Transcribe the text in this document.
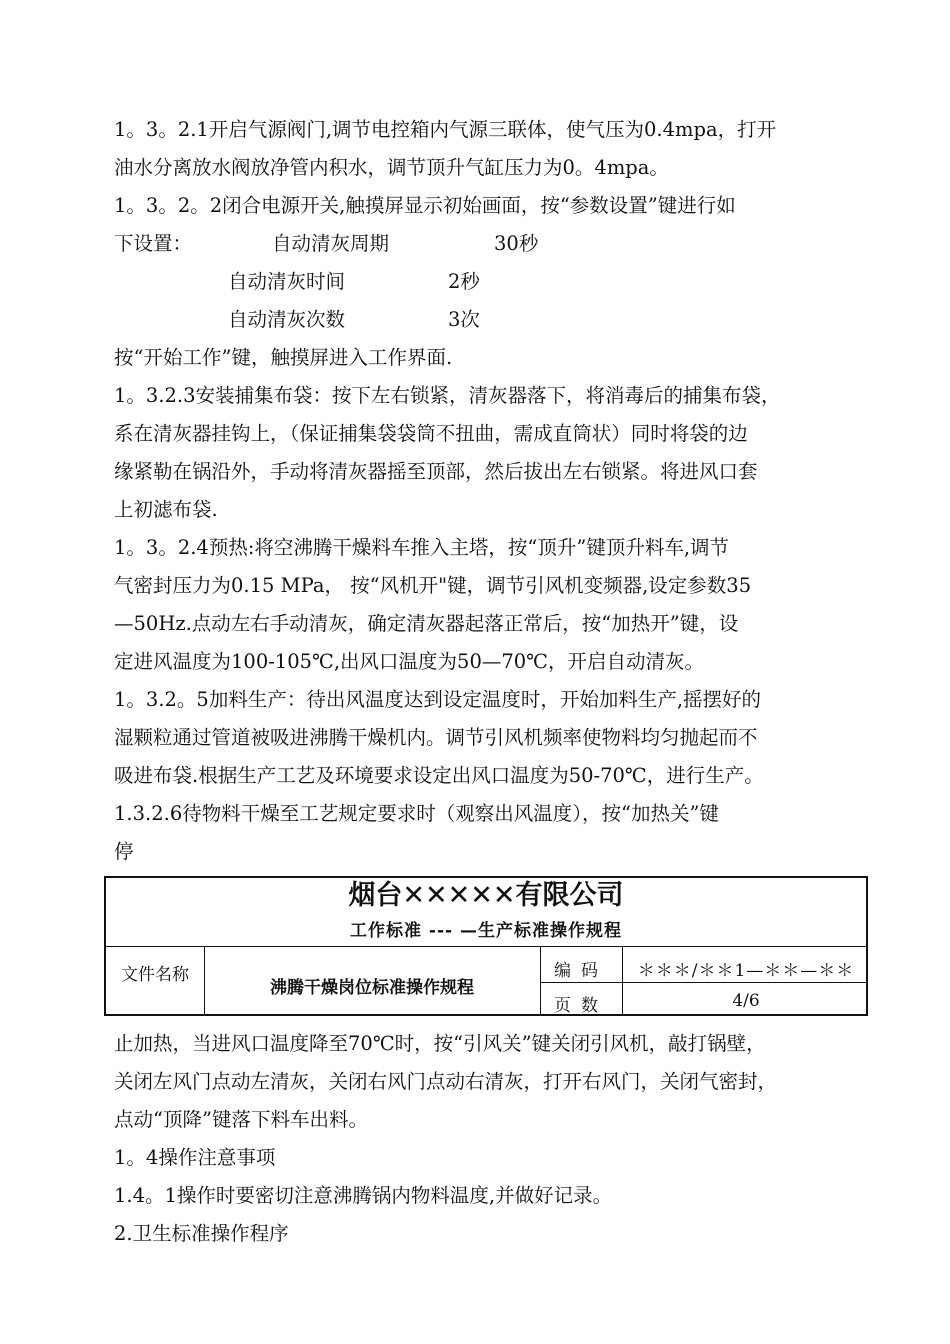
1。3。2.1开启气源阀门,调节电控箱内气源三联体，使气压为0.4mpa，打开
油水分离放水阀放净管内积水，调节顶升气缸压力为0。4mpa。
1。3。2。2闭合电源开关,触摸屏显示初始画面，按“参数设置”键进行如
下设置：	自动清灰周期	30秒
自动清灰时间	2秒
自动清灰次数	3次
按“开始工作”键，触摸屏进入工作界面.
1。3.2.3安装捕集布袋：按下左右锁紧，清灰器落下，将消毒后的捕集布袋，
系在清灰器挂钩上，（保证捕集袋袋筒不扭曲，需成直筒状）同时将袋的边
缘紧勒在锅沿外，手动将清灰器摇至顶部，然后拔出左右锁紧。将进风口套
上初滤布袋.
1。3。2.4预热:将空沸腾干燥料车推入主塔，按“顶升”键顶升料车,调节
气密封压力为0.15 MPa， 按“风机开"键，调节引风机变频器,设定参数35
—50Hz.点动左右手动清灰，确定清灰器起落正常后，按“加热开”键，设
定进风温度为100-105℃,出风口温度为50—70℃，开启自动清灰。
1。3.2。5加料生产：待出风温度达到设定温度时，开始加料生产,摇摆好的
湿颗粒通过管道被吸进沸腾干燥机内。调节引风机频率使物料均匀抛起而不
吸进布袋.根据生产工艺及环境要求设定出风口温度为50-70℃，进行生产。
1.3.2.6待物料干燥至工艺规定要求时（观察出风温度），按“加热关”键
停
烟台✕✕✕✕✕有限公司
工作标准 --- —生产标准操作规程
文件名称
沸腾干燥岗位标准操作规程
编码	＊＊＊/＊＊1—＊＊—＊＊
页数	4/6
止加热，当进风口温度降至70℃时，按“引风关”键关闭引风机，敲打锅壁，
关闭左风门点动左清灰，关闭右风门点动右清灰，打开右风门，关闭气密封，
点动“顶降”键落下料车出料。
1。4操作注意事项
1.4。1操作时要密切注意沸腾锅内物料温度,并做好记录。
2.卫生标准操作程序
